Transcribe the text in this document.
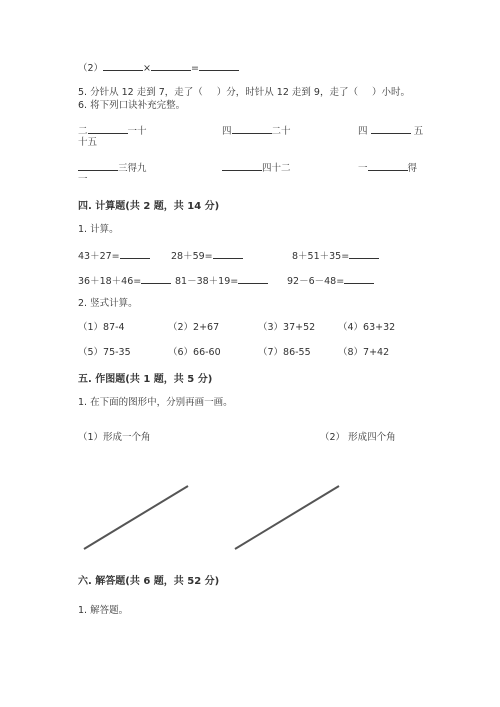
（2）	×	=
5. 分针从 12 走到 7，走了（ ）分，时针从 12 走到 9，走了（ ）小时。
6. 将下列口诀补充完整。
二	一十	四	二十	四	五
十五
三得九	四十二	一	得
一
四. 计算题(共 2 题，共 14 分)
1. 计算。
43＋27=	28＋59=	8＋51＋35=
36＋18＋46=	81－38＋19=	92－6－48=
2. 竖式计算。
（1）87-4	（2）2+67	（3）37+52 （4）63+32
（5）75-35	（6）66-60	（7）86-55	（8）7+42
五. 作图题(共 1 题，共 5 分)
1. 在下面的图形中，分别再画一画。
（1）形成一个角	（2） 形成四个角
六. 解答题(共 6 题，共 52 分)
1. 解答题。
